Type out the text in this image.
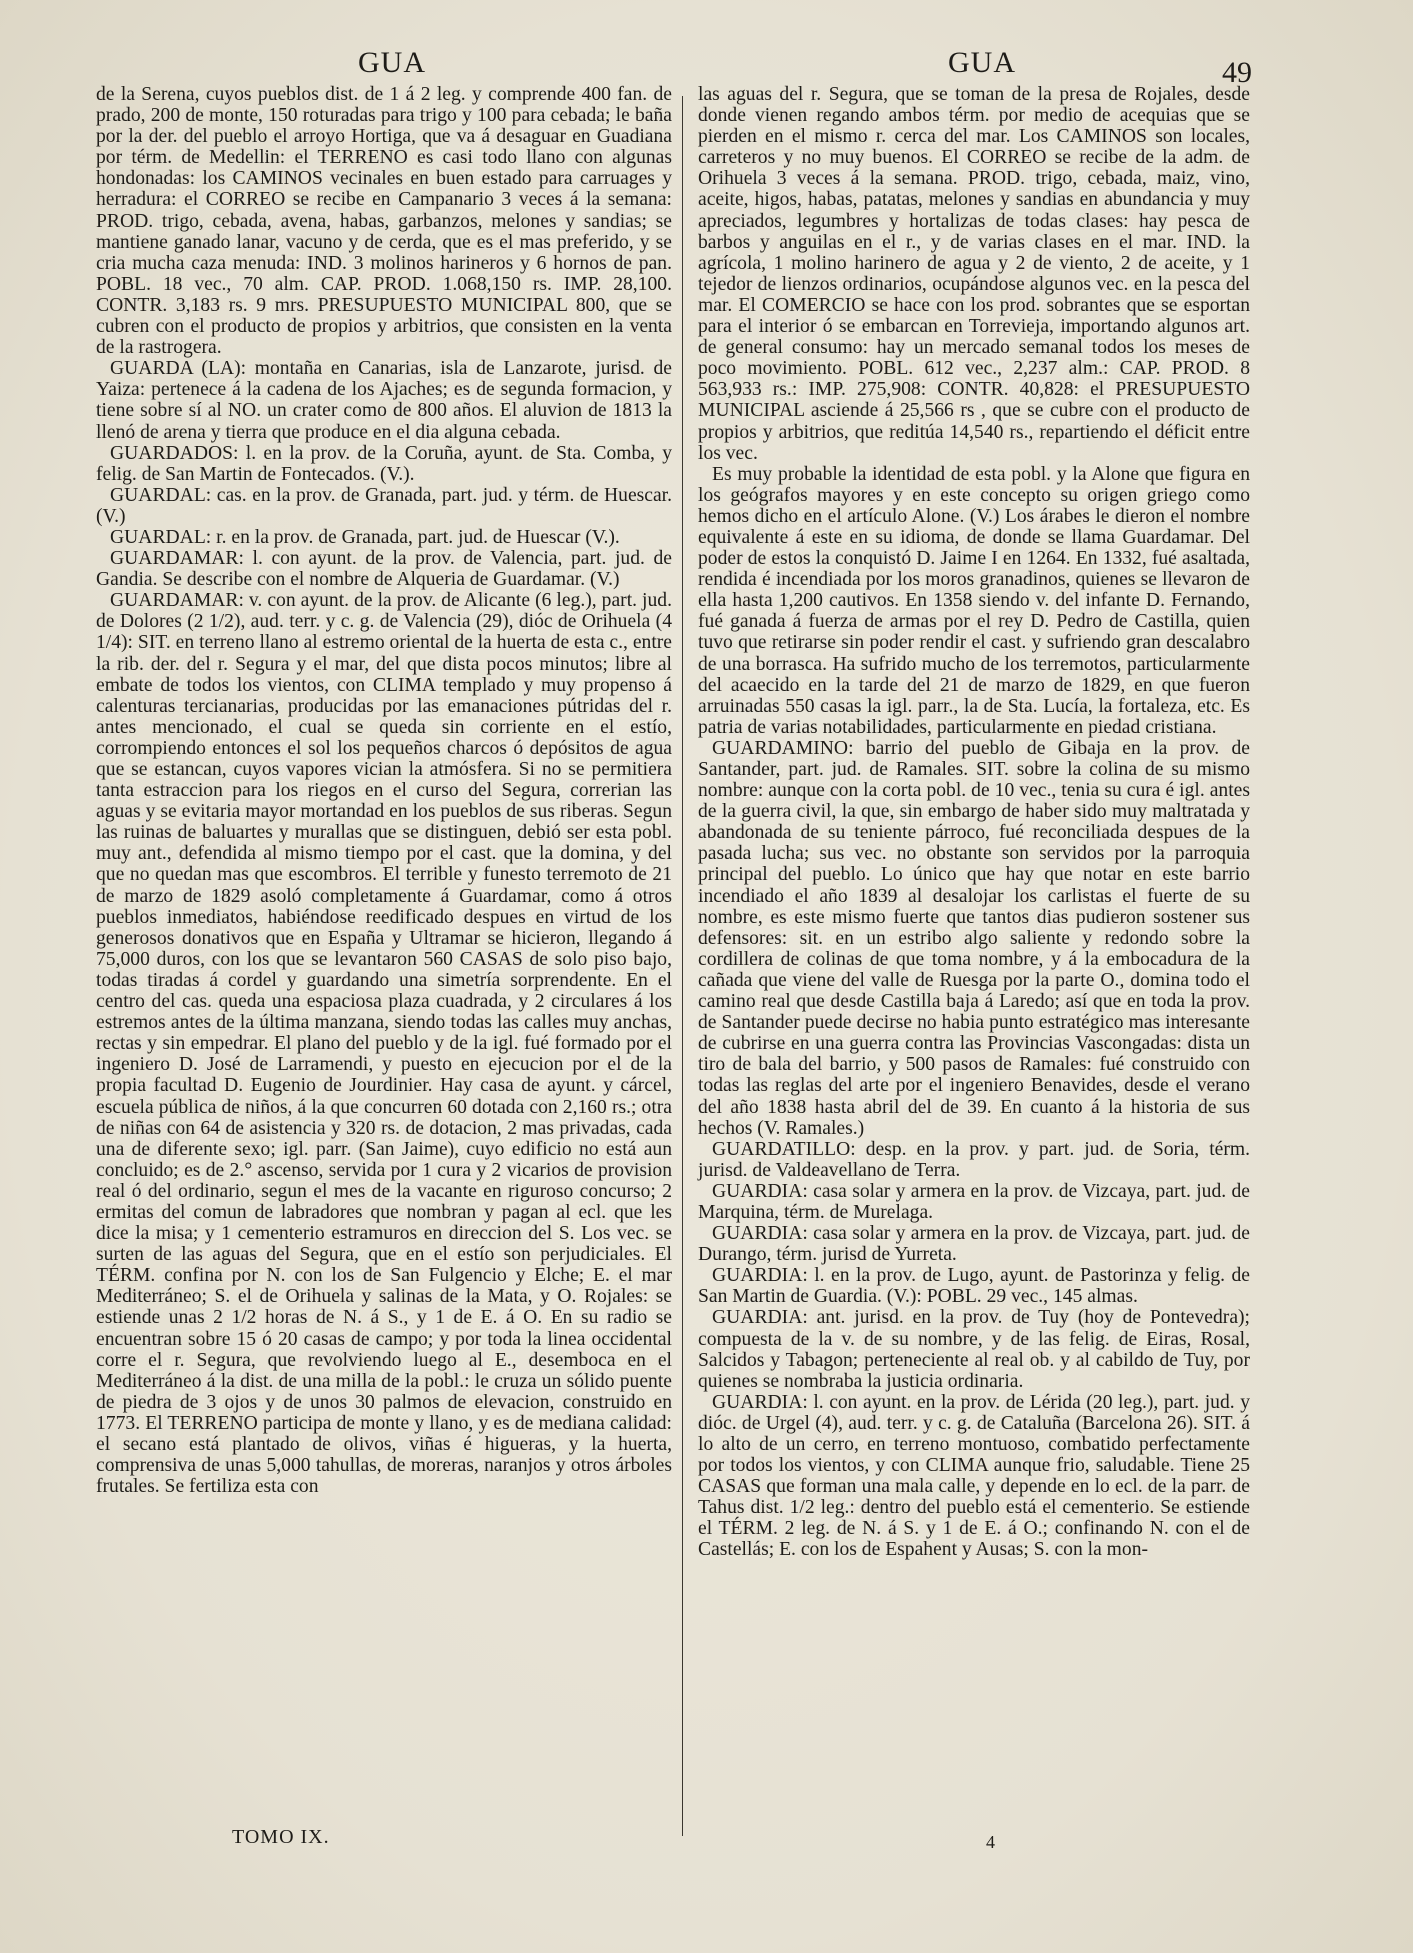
GUA	GUA	49

de la Serena, cuyos pueblos dist. de 1 á 2 leg. y comprende 400 fan. de prado, 200 de monte, 150 roturadas para trigo y 100 para cebada; le baña por la der. del pueblo el arroyo Hortiga, que va á desaguar en Guadiana por térm. de Medellin: el TERRENO es casi todo llano con algunas hondonadas: los CAMINOS vecinales en buen estado para carruages y herradura: el CORREO se recibe en Campanario 3 veces á la semana: PROD. trigo, cebada, avena, habas, garbanzos, melones y sandias; se mantiene ganado lanar, vacuno y de cerda, que es el mas preferido, y se cria mucha caza menuda: IND. 3 molinos harineros y 6 hornos de pan. POBL. 18 vec., 70 alm. CAP. PROD. 1.068,150 rs. IMP. 28,100. CONTR. 3,183 rs. 9 mrs. PRESUPUESTO MUNICIPAL 800, que se cubren con el producto de propios y arbitrios, que consisten en la venta de la rastrogera.

GUARDA (LA): montaña en Canarias, isla de Lanzarote, jurisd. de Yaiza: pertenece á la cadena de los Ajaches; es de segunda formacion, y tiene sobre sí al NO. un crater como de 800 años. El aluvion de 1813 la llenó de arena y tierra que produce en el dia alguna cebada.

GUARDADOS: l. en la prov. de la Coruña, ayunt. de Sta. Comba, y felig. de San Martin de Fontecados. (V.).

GUARDAL: cas. en la prov. de Granada, part. jud. y térm. de Huescar. (V.)

GUARDAL: r. en la prov. de Granada, part. jud. de Huescar (V.).

GUARDAMAR: l. con ayunt. de la prov. de Valencia, part. jud. de Gandia. Se describe con el nombre de Alqueria de Guardamar. (V.)

GUARDAMAR: v. con ayunt. de la prov. de Alicante (6 leg.), part. jud. de Dolores (2 1/2), aud. terr. y c. g. de Valencia (29), dióc de Orihuela (4 1/4): SIT. en terreno llano al estremo oriental de la huerta de esta c., entre la rib. der. del r. Segura y el mar, del que dista pocos minutos; libre al embate de todos los vientos, con CLIMA templado y muy propenso á calenturas tercianarias, producidas por las emanaciones pútridas del r. antes mencionado, el cual se queda sin corriente en el estío, corrompiendo entonces el sol los pequeños charcos ó depósitos de agua que se estancan, cuyos vapores vician la atmósfera. Si no se permitiera tanta estraccion para los riegos en el curso del Segura, correrian las aguas y se evitaria mayor mortandad en los pueblos de sus riberas. Segun las ruinas de baluartes y murallas que se distinguen, debió ser esta pobl. muy ant., defendida al mismo tiempo por el cast. que la domina, y del que no quedan mas que escombros. El terrible y funesto terremoto de 21 de marzo de 1829 asoló completamente á Guardamar, como á otros pueblos inmediatos, habiéndose reedificado despues en virtud de los generosos donativos que en España y Ultramar se hicieron, llegando á 75,000 duros, con los que se levantaron 560 CASAS de solo piso bajo, todas tiradas á cordel y guardando una simetría sorprendente. En el centro del cas. queda una espaciosa plaza cuadrada, y 2 circulares á los estremos antes de la última manzana, siendo todas las calles muy anchas, rectas y sin empedrar. El plano del pueblo y de la igl. fué formado por el ingeniero D. José de Larramendi, y puesto en ejecucion por el de la propia facultad D. Eugenio de Jourdinier. Hay casa de ayunt. y cárcel, escuela pública de niños, á la que concurren 60 dotada con 2,160 rs.; otra de niñas con 64 de asistencia y 320 rs. de dotacion, 2 mas privadas, cada una de diferente sexo; igl. parr. (San Jaime), cuyo edificio no está aun concluido; es de 2.° ascenso, servida por 1 cura y 2 vicarios de provision real ó del ordinario, segun el mes de la vacante en riguroso concurso; 2 ermitas del comun de labradores que nombran y pagan al ecl. que les dice la misa; y 1 cementerio estramuros en direccion del S. Los vec. se surten de las aguas del Segura, que en el estío son perjudiciales. El TÉRM. confina por N. con los de San Fulgencio y Elche; E. el mar Mediterráneo; S. el de Orihuela y salinas de la Mata, y O. Rojales: se estiende unas 2 1/2 horas de N. á S., y 1 de E. á O. En su radio se encuentran sobre 15 ó 20 casas de campo; y por toda la linea occidental corre el r. Segura, que revolviendo luego al E., desemboca en el Mediterráneo á la dist. de una milla de la pobl.: le cruza un sólido puente de piedra de 3 ojos y de unos 30 palmos de elevacion, construido en 1773. El TERRENO participa de monte y llano, y es de mediana calidad: el secano está plantado de olivos, viñas é higueras, y la huerta, comprensiva de unas 5,000 tahullas, de moreras, naranjos y otros árboles frutales. Se fertiliza esta con

las aguas del r. Segura, que se toman de la presa de Rojales, desde donde vienen regando ambos térm. por medio de acequias que se pierden en el mismo r. cerca del mar. Los CAMINOS son locales, carreteros y no muy buenos. El CORREO se recibe de la adm. de Orihuela 3 veces á la semana. PROD. trigo, cebada, maiz, vino, aceite, higos, habas, patatas, melones y sandias en abundancia y muy apreciados, legumbres y hortalizas de todas clases: hay pesca de barbos y anguilas en el r., y de varias clases en el mar. IND. la agrícola, 1 molino harinero de agua y 2 de viento, 2 de aceite, y 1 tejedor de lienzos ordinarios, ocupándose algunos vec. en la pesca del mar. El COMERCIO se hace con los prod. sobrantes que se esportan para el interior ó se embarcan en Torrevieja, importando algunos art. de general consumo: hay un mercado semanal todos los meses de poco movimiento. POBL. 612 vec., 2,237 alm.: CAP. PROD. 8 563,933 rs.: IMP. 275,908: CONTR. 40,828: el PRESUPUESTO MUNICIPAL asciende á 25,566 rs , que se cubre con el producto de propios y arbitrios, que reditúa 14,540 rs., repartiendo el déficit entre los vec.

Es muy probable la identidad de esta pobl. y la Alone que figura en los geógrafos mayores y en este concepto su origen griego como hemos dicho en el artículo Alone. (V.) Los árabes le dieron el nombre equivalente á este en su idioma, de donde se llama Guardamar. Del poder de estos la conquistó D. Jaime I en 1264. En 1332, fué asaltada, rendida é incendiada por los moros granadinos, quienes se llevaron de ella hasta 1,200 cautivos. En 1358 siendo v. del infante D. Fernando, fué ganada á fuerza de armas por el rey D. Pedro de Castilla, quien tuvo que retirarse sin poder rendir el cast. y sufriendo gran descalabro de una borrasca. Ha sufrido mucho de los terremotos, particularmente del acaecido en la tarde del 21 de marzo de 1829, en que fueron arruinadas 550 casas la igl. parr., la de Sta. Lucía, la fortaleza, etc. Es patria de varias notabilidades, particularmente en piedad cristiana.

GUARDAMINO: barrio del pueblo de Gibaja en la prov. de Santander, part. jud. de Ramales. SIT. sobre la colina de su mismo nombre: aunque con la corta pobl. de 10 vec., tenia su cura é igl. antes de la guerra civil, la que, sin embargo de haber sido muy maltratada y abandonada de su teniente párroco, fué reconciliada despues de la pasada lucha; sus vec. no obstante son servidos por la parroquia principal del pueblo. Lo único que hay que notar en este barrio incendiado el año 1839 al desalojar los carlistas el fuerte de su nombre, es este mismo fuerte que tantos dias pudieron sostener sus defensores: sit. en un estribo algo saliente y redondo sobre la cordillera de colinas de que toma nombre, y á la embocadura de la cañada que viene del valle de Ruesga por la parte O., domina todo el camino real que desde Castilla baja á Laredo; así que en toda la prov. de Santander puede decirse no habia punto estratégico mas interesante de cubrirse en una guerra contra las Provincias Vascongadas: dista un tiro de bala del barrio, y 500 pasos de Ramales: fué construido con todas las reglas del arte por el ingeniero Benavides, desde el verano del año 1838 hasta abril del de 39. En cuanto á la historia de sus hechos (V. Ramales.)

GUARDATILLO: desp. en la prov. y part. jud. de Soria, térm. jurisd. de Valdeavellano de Terra.

GUARDIA: casa solar y armera en la prov. de Vizcaya, part. jud. de Marquina, térm. de Murelaga.

GUARDIA: casa solar y armera en la prov. de Vizcaya, part. jud. de Durango, térm. jurisd de Yurreta.

GUARDIA: l. en la prov. de Lugo, ayunt. de Pastorinza y felig. de San Martin de Guardia. (V.): POBL. 29 vec., 145 almas.

GUARDIA: ant. jurisd. en la prov. de Tuy (hoy de Pontevedra); compuesta de la v. de su nombre, y de las felig. de Eiras, Rosal, Salcidos y Tabagon; perteneciente al real ob. y al cabildo de Tuy, por quienes se nombraba la justicia ordinaria.

GUARDIA: l. con ayunt. en la prov. de Lérida (20 leg.), part. jud. y dióc. de Urgel (4), aud. terr. y c. g. de Cataluña (Barcelona 26). SIT. á lo alto de un cerro, en terreno montuoso, combatido perfectamente por todos los vientos, y con CLIMA aunque frio, saludable. Tiene 25 CASAS que forman una mala calle, y depende en lo ecl. de la parr. de Tahus dist. 1/2 leg.: dentro del pueblo está el cementerio. Se estiende el TÉRM. 2 leg. de N. á S. y 1 de E. á O.; confinando N. con el de Castellás; E. con los de Espahent y Ausas; S. con la mon-

TOMO IX.	4
